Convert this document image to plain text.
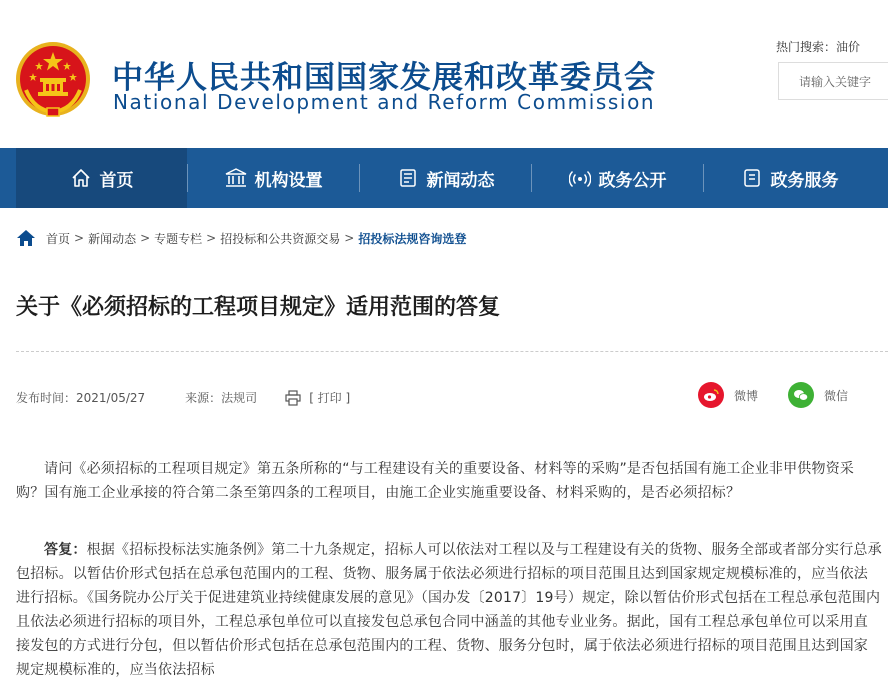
中华人民共和国国家发展和改革委员会
National Development and Reform Commission
热门搜索：油价
请输入关键字
首页	机构设置	新闻动态	政务公开	政务服务
首页 > 新闻动态 > 专题专栏 > 招投标和公共资源交易 > 招投标法规咨询选登
关于《必须招标的工程项目规定》适用范围的答复
发布时间：2021/05/27	来源：法规司	[ 打印 ]	微博	微信

请问《必须招标的工程项目规定》第五条所称的“与工程建设有关的重要设备、材料等的采购”是否包括国有施工企业非甲供物资采购？国有施工企业承接的符合第二条至第四条的工程项目，由施工企业实施重要设备、材料采购的，是否必须招标？

答复：根据《招标投标法实施条例》第二十九条规定，招标人可以依法对工程以及与工程建设有关的货物、服务全部或者部分实行总承包招标。以暂估价形式包括在总承包范围内的工程、货物、服务属于依法必须进行招标的项目范围且达到国家规定规模标准的，应当依法进行招标。《国务院办公厅关于促进建筑业持续健康发展的意见》（国办发〔2017〕19号）规定，除以暂估价形式包括在工程总承包范围内且依法必须进行招标的项目外，工程总承包单位可以直接发包总承包合同中涵盖的其他专业业务。据此，国有工程总承包单位可以采用直接发包的方式进行分包，但以暂估价形式包括在总承包范围内的工程、货物、服务分包时，属于依法必须进行招标的项目范围且达到国家规定规模标准的，应当依法招标
